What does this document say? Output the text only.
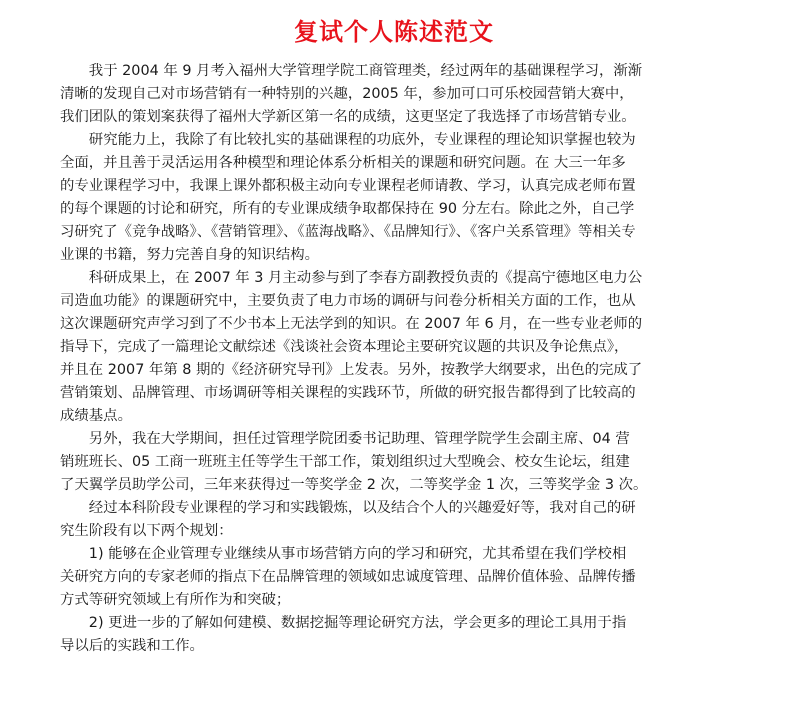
复试个人陈述范文
我于 2004 年 9 月考入福州大学管理学院工商管理类，经过两年的基础课程学习，渐渐
清晰的发现自己对市场营销有一种特别的兴趣，2005 年，参加可口可乐校园营销大赛中，
我们团队的策划案获得了福州大学新区第一名的成绩，这更坚定了我选择了市场营销专业。
研究能力上，我除了有比较扎实的基础课程的功底外，专业课程的理论知识掌握也较为
全面，并且善于灵活运用各种模型和理论体系分析相关的课题和研究问题。在 大三一年多
的专业课程学习中，我课上课外都积极主动向专业课程老师请教、学习，认真完成老师布置
的每个课题的讨论和研究，所有的专业课成绩争取都保持在 90 分左右。除此之外，自己学
习研究了《竞争战略》、《营销管理》、《蓝海战略》、《品牌知行》、《客户关系管理》等相关专
业课的书籍，努力完善自身的知识结构。
科研成果上，在 2007 年 3 月主动参与到了李春方副教授负责的《提高宁德地区电力公
司造血功能》的课题研究中，主要负责了电力市场的调研与问卷分析相关方面的工作，也从
这次课题研究声学习到了不少书本上无法学到的知识。在 2007 年 6 月，在一些专业老师的
指导下，完成了一篇理论文献综述《浅谈社会资本理论主要研究议题的共识及争论焦点》，
并且在 2007 年第 8 期的《经济研究导刊》上发表。另外，按教学大纲要求，出色的完成了
营销策划、品牌管理、市场调研等相关课程的实践环节，所做的研究报告都得到了比较高的
成绩基点。
另外，我在大学期间，担任过管理学院团委书记助理、管理学院学生会副主席、04 营
销班班长、05 工商一班班主任等学生干部工作，策划组织过大型晚会、校女生论坛，组建
了天翼学员助学公司，三年来获得过一等奖学金 2 次，二等奖学金 1 次，三等奖学金 3 次。
经过本科阶段专业课程的学习和实践锻炼，以及结合个人的兴趣爱好等，我对自己的研
究生阶段有以下两个规划：
1) 能够在企业管理专业继续从事市场营销方向的学习和研究，尤其希望在我们学校相
关研究方向的专家老师的指点下在品牌管理的领域如忠诚度管理、品牌价值体验、品牌传播
方式等研究领域上有所作为和突破；
2) 更进一步的了解如何建模、数据挖掘等理论研究方法，学会更多的理论工具用于指
导以后的实践和工作。
